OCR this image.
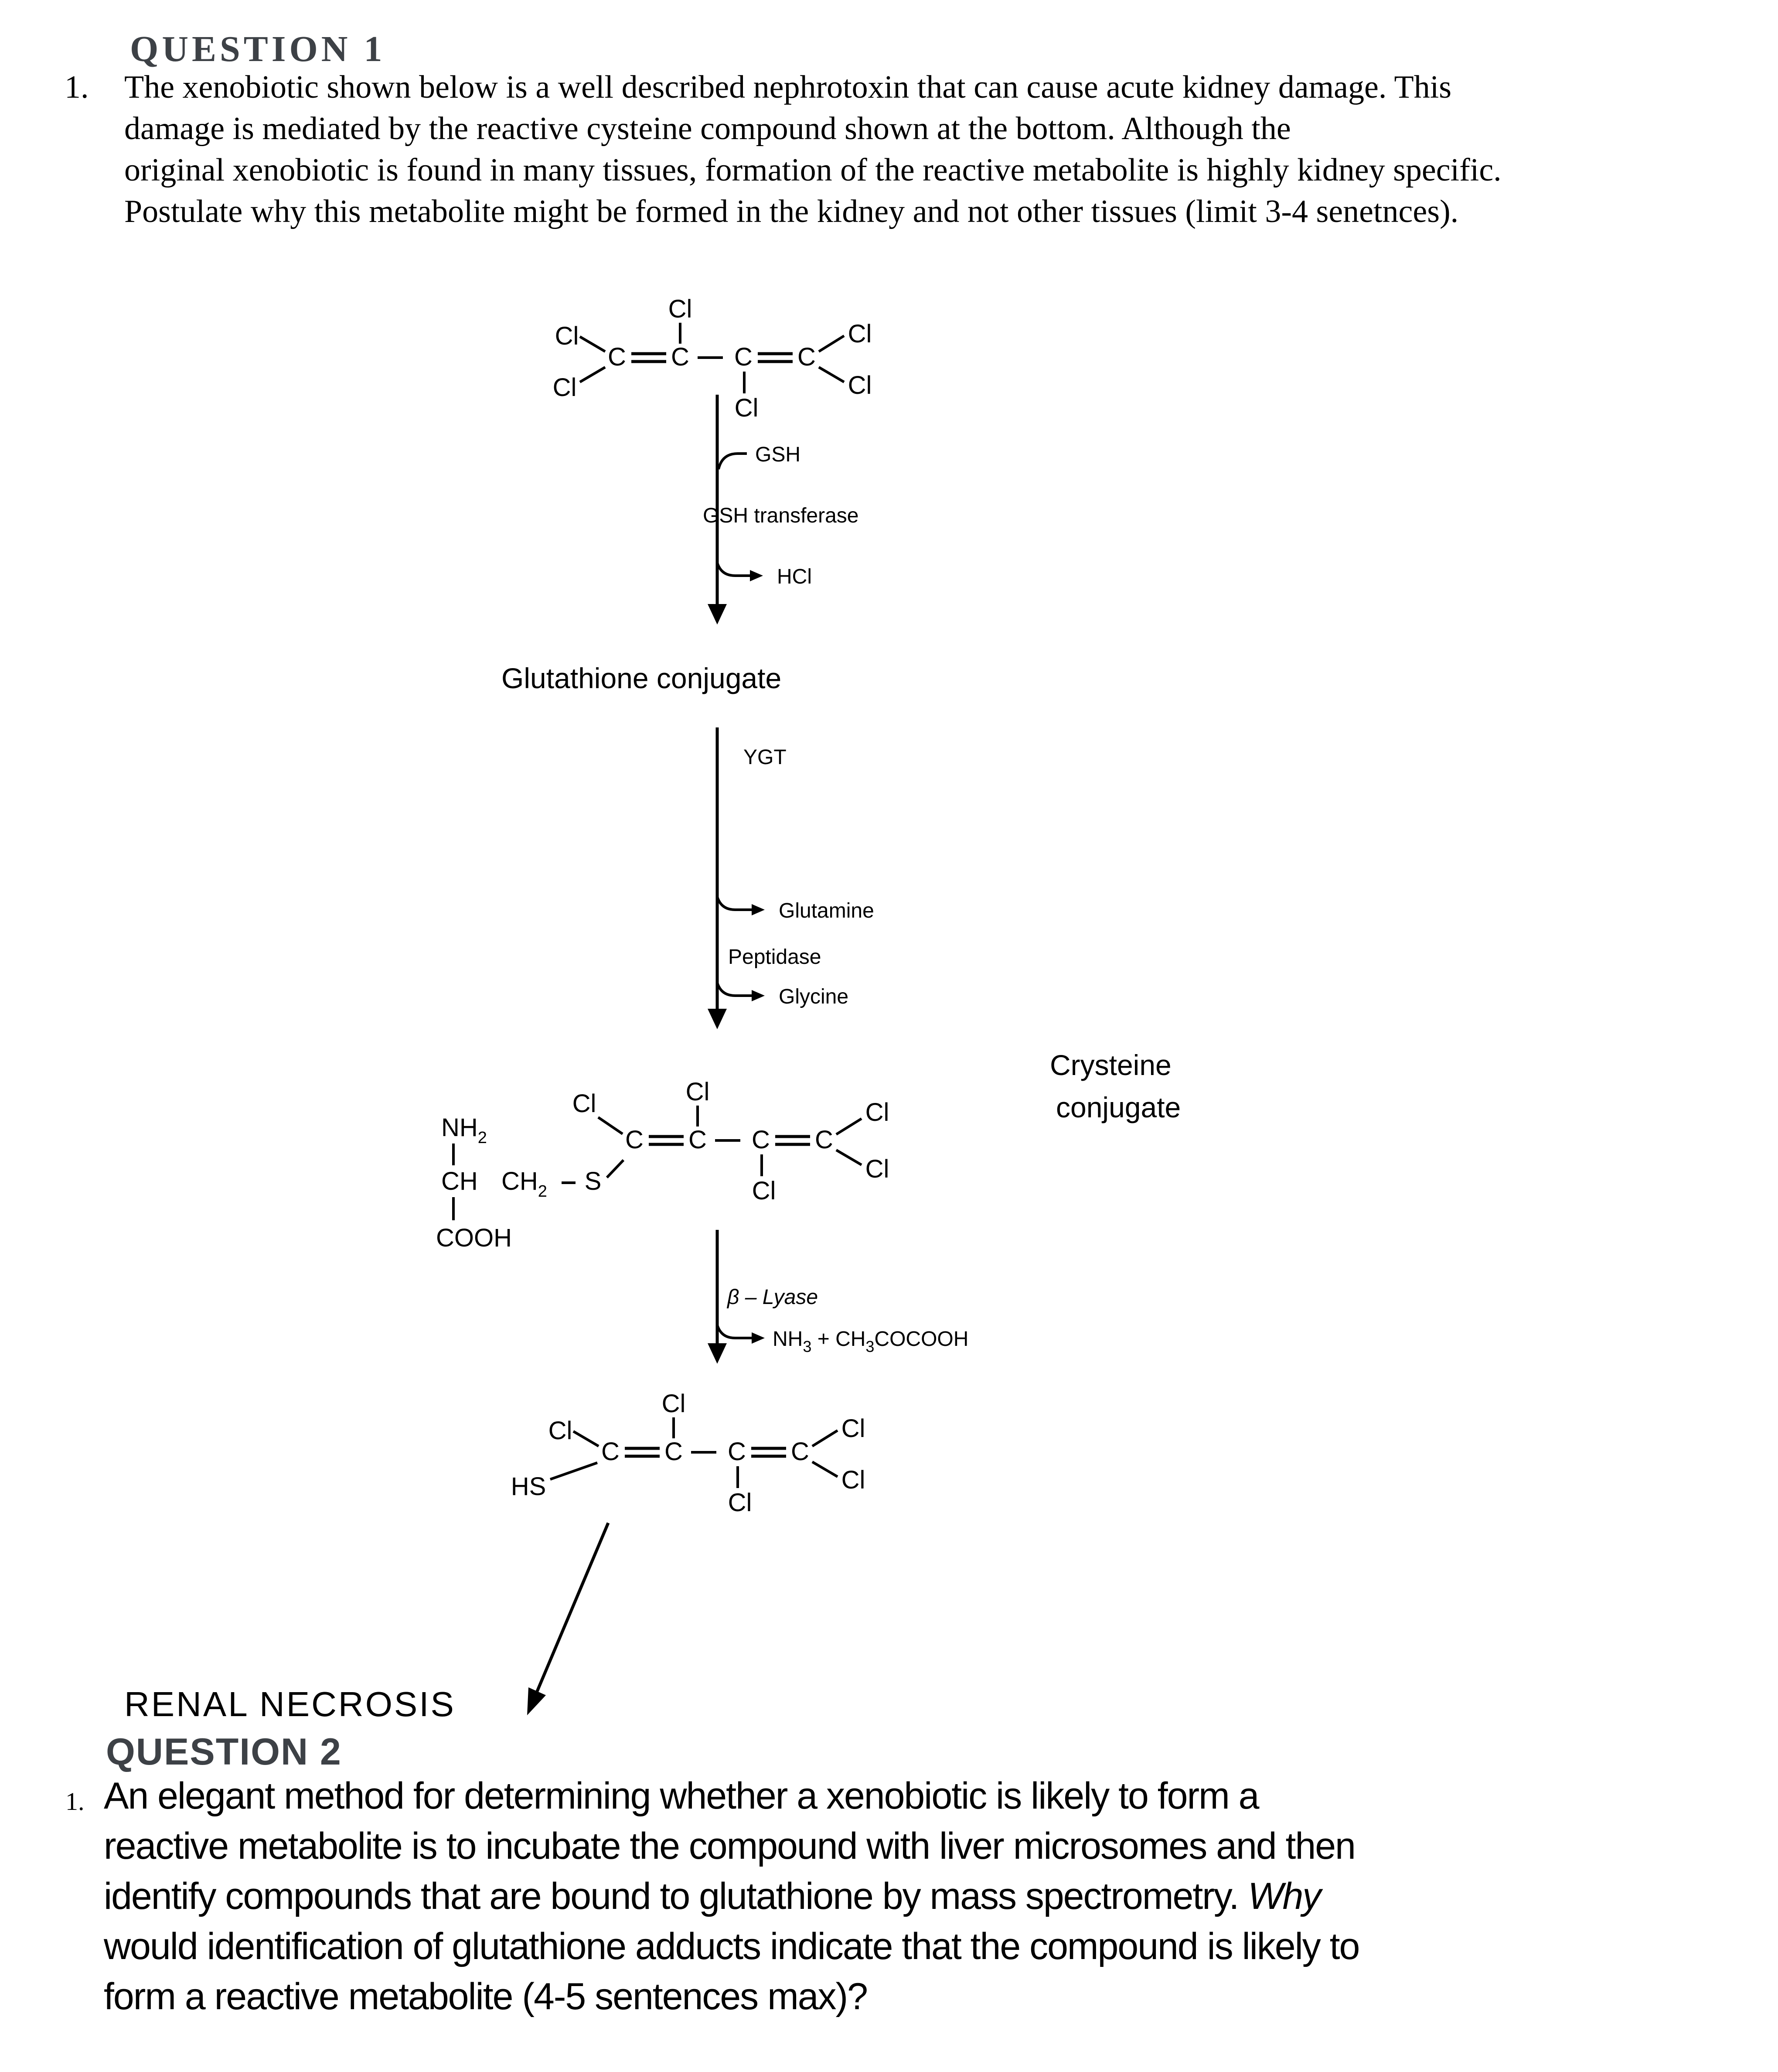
QUESTION 1
1. The xenobiotic shown below is a well described nephrotoxin that can cause acute kidney damage. This
damage is mediated by the reactive cysteine compound shown at the bottom. Although the
original xenobiotic is found in many tissues, formation of the reactive metabolite is highly kidney specific.
Postulate why this metabolite might be formed in the kidney and not other tissues (limit 3-4 senetnces).
Cl
Cl
C C
Cl
C
Cl
C
Cl
Cl
GSH
GSH transferase
HCl
Glutathione conjugate
YGT
Glutamine
Peptidase
Glycine
Crysteine
conjugate
$NH_2$
CH $CH_2$ S
COOH
Cl
C C
Cl
C
Cl
C
Cl
Cl
β – Lyase
$NH_3$ + $CH_3COCOOH$
Cl
HS
C C
Cl
C
Cl
C
Cl
Cl
RENAL NECROSIS
QUESTION 2
1. An elegant method for determining whether a xenobiotic is likely to form a
reactive metabolite is to incubate the compound with liver microsomes and then
identify compounds that are bound to glutathione by mass spectrometry. Why
would identification of glutathione adducts indicate that the compound is likely to
form a reactive metabolite (4-5 sentences max)?
